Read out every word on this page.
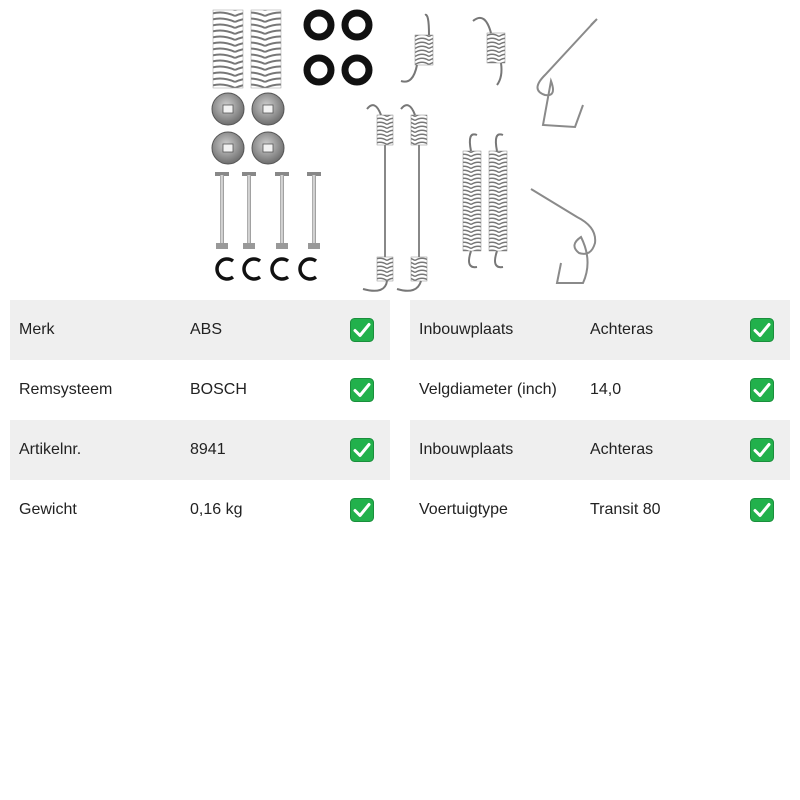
Merk	ABS
Remsysteem	BOSCH
Artikelnr.	8941
Gewicht	0,16 kg
Inbouwplaats	Achteras
Velgdiameter (inch) 14,0
Inbouwplaats	Achteras
Voertuigtype	Transit 80
